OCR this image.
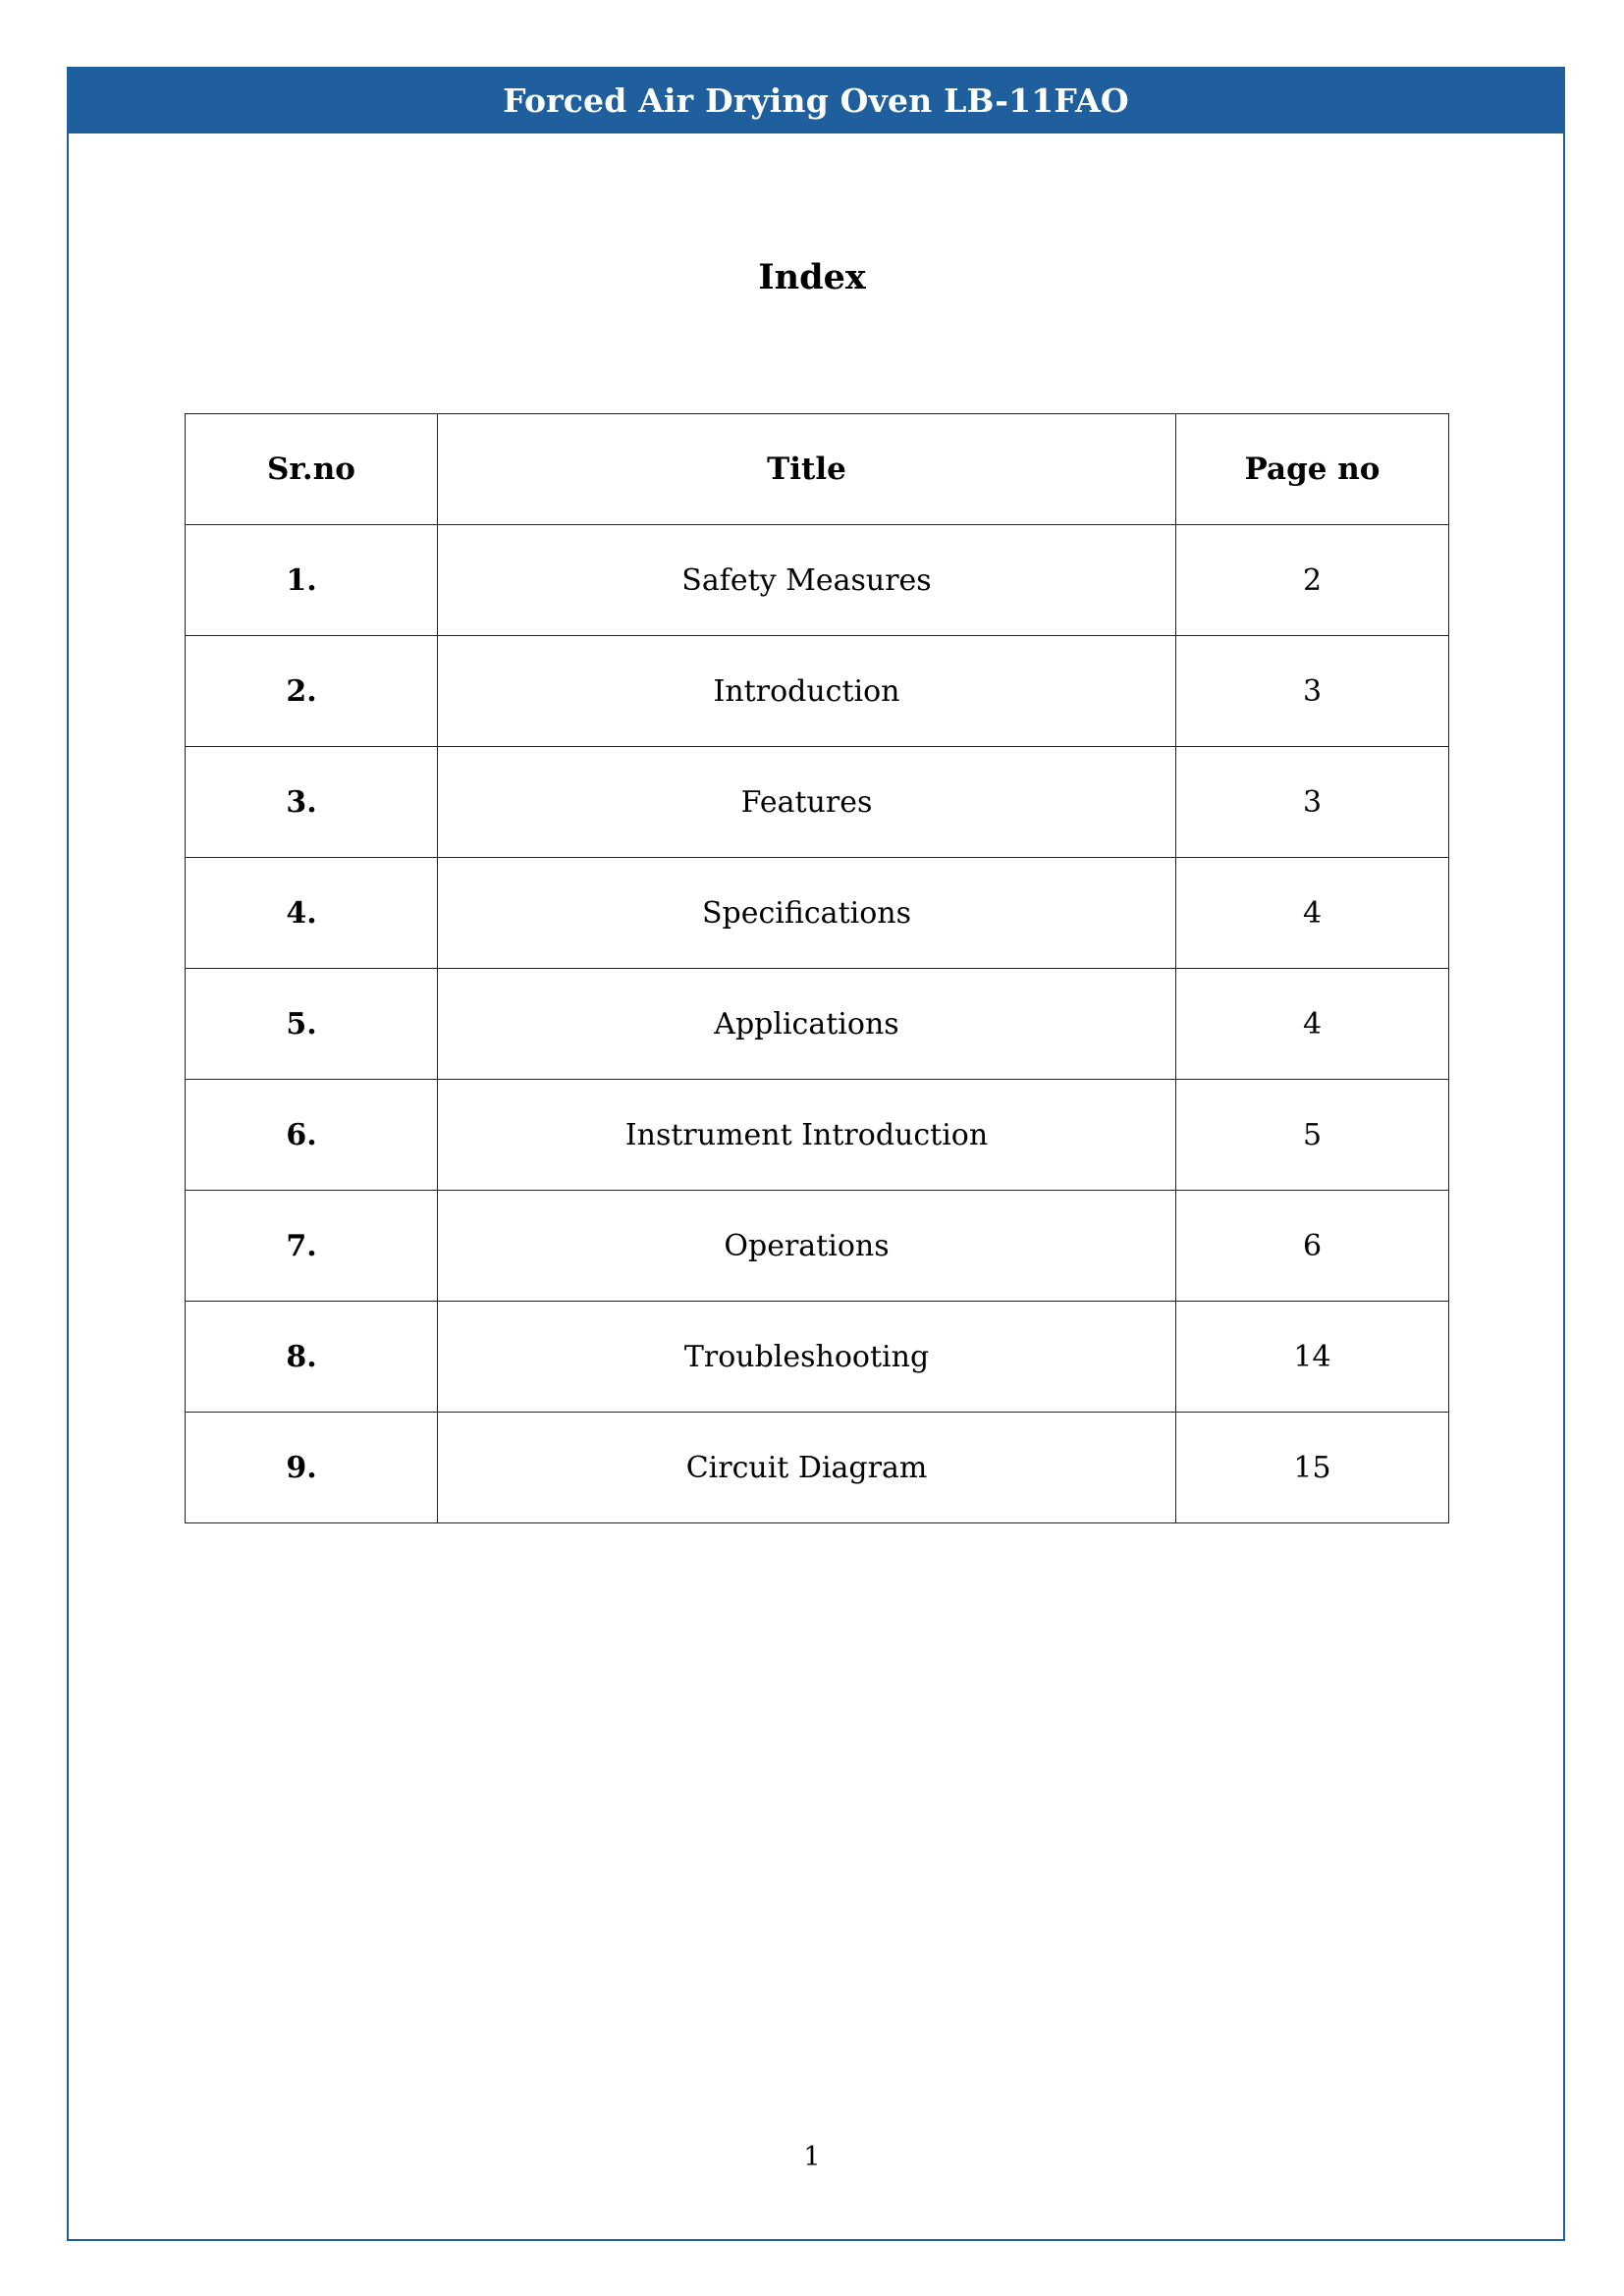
Forced Air Drying Oven LB-11FAO
Index
Sr.no	Title	Page no
1.	Safety Measures	2
2.	Introduction	3
3.	Features	3
4.	Specifications	4
5.	Applications	4
6.	Instrument Introduction	5
7.	Operations	6
8.	Troubleshooting	14
9.	Circuit Diagram	15
1
